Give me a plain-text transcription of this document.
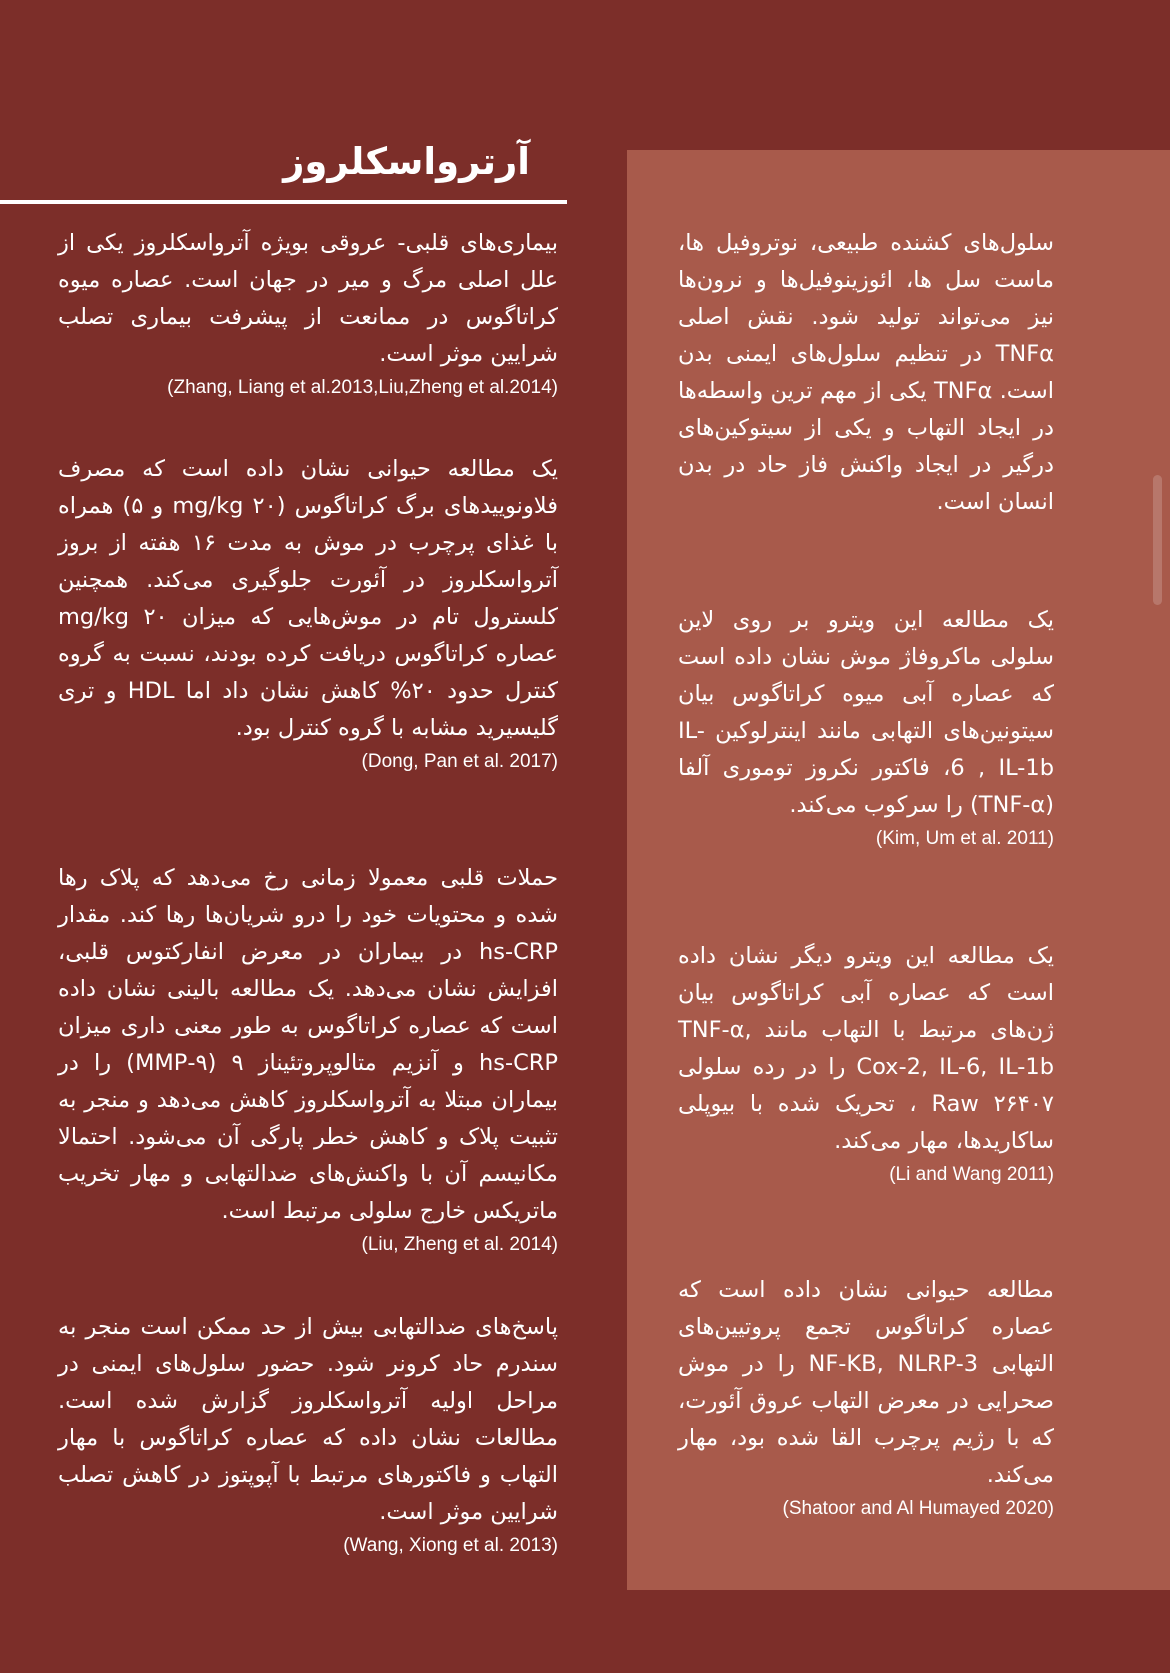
آرترواسکلروز
بیماری‌های قلبی- عروقی بویژه آترواسکلروز یکی از علل اصلی مرگ و میر در جهان است. عصاره میوه کراتاگوس در ممانعت از پیشرفت بیماری تصلب شرایین موثر است.
(Zhang, Liang et al.2013,Liu,Zheng et al.2014)
یک مطالعه حیوانی نشان داده است که مصرف فلاونوییدهای برگ کراتاگوس (۲۰ mg/kg و ۵) همراه با غذای پرچرب در موش به مدت ۱۶ هفته از بروز آترواسکلروز در آئورت جلوگیری می‌کند. همچنین کلسترول تام در موش‌هایی که میزان ۲۰ mg/kg عصاره کراتاگوس دریافت کرده بودند، نسبت به گروه کنترل حدود ۲۰% کاهش نشان داد اما HDL و تری گلیسیرید مشابه با گروه کنترل بود.
(Dong, Pan et al. 2017)
حملات قلبی معمولا زمانی رخ می‌دهد که پلاک رها شده و محتویات خود را درو شریان‌ها رها کند. مقدار hs-CRP در بیماران در معرض انفارکتوس قلبی، افزایش نشان می‌دهد. یک مطالعه بالینی نشان داده است که عصاره کراتاگوس به طور معنی داری میزان hs-CRP و آنزیم متالوپروتئیناز ۹ (۹-MMP) را در بیماران مبتلا به آترواسکلروز کاهش می‌دهد و منجر به تثبیت پلاک و کاهش خطر پارگی آن می‌شود. احتمالا مکانیسم آن با واکنش‌های ضدالتهابی و مهار تخریب ماتریکس خارج سلولی مرتبط است.
(Liu, Zheng et al. 2014)
پاسخ‌های ضدالتهابی بیش از حد ممکن است منجر به سندرم حاد کرونر شود. حضور سلول‌های ایمنی در مراحل اولیه آترواسکلروز گزارش شده است. مطالعات نشان داده که عصاره کراتاگوس با مهار التهاب و فاکتورهای مرتبط با آپوپتوز در کاهش تصلب شرایین موثر است.
(Wang, Xiong et al. 2013)
سلول‌های کشنده طبیعی، نوتروفیل ها، ماست سل ها، ائوزینوفیل‌ها و نرون‌ها نیز می‌تواند تولید شود. نقش اصلی TNFα در تنظیم سلول‌های ایمنی بدن است. TNFα یکی از مهم ترین واسطه‌ها در ایجاد التهاب و یکی از سیتوکین‌های درگیر در ایجاد واکنش فاز حاد در بدن انسان است.
یک مطالعه این ویترو بر روی لاین سلولی ماکروفاژ موش نشان داده است که عصاره آبی میوه کراتاگوس بیان سیتونین‌های التهابی مانند اینترلوکین IL-6 , IL-1b، فاکتور نکروز توموری آلفا (TNF-α) را سرکوب می‌کند.
(Kim, Um et al. 2011)
یک مطالعه این ویترو دیگر نشان داده است که عصاره آبی کراتاگوس بیان ژن‌های مرتبط با التهاب مانند TNF-α, Cox-2, IL-6, IL-1b را در رده سلولی Raw ۲۶۴۰۷ ، تحریک شده با بیوپلی ساکاریدها، مهار می‌کند.
(Li and Wang 2011)
مطالعه حیوانی نشان داده است که عصاره کراتاگوس تجمع پروتیین‌های التهابی NF-KB, NLRP-3 را در موش صحرایی در معرض التهاب عروق آئورت، که با رژیم پرچرب القا شده بود، مهار می‌کند.
(Shatoor and Al Humayed 2020)
